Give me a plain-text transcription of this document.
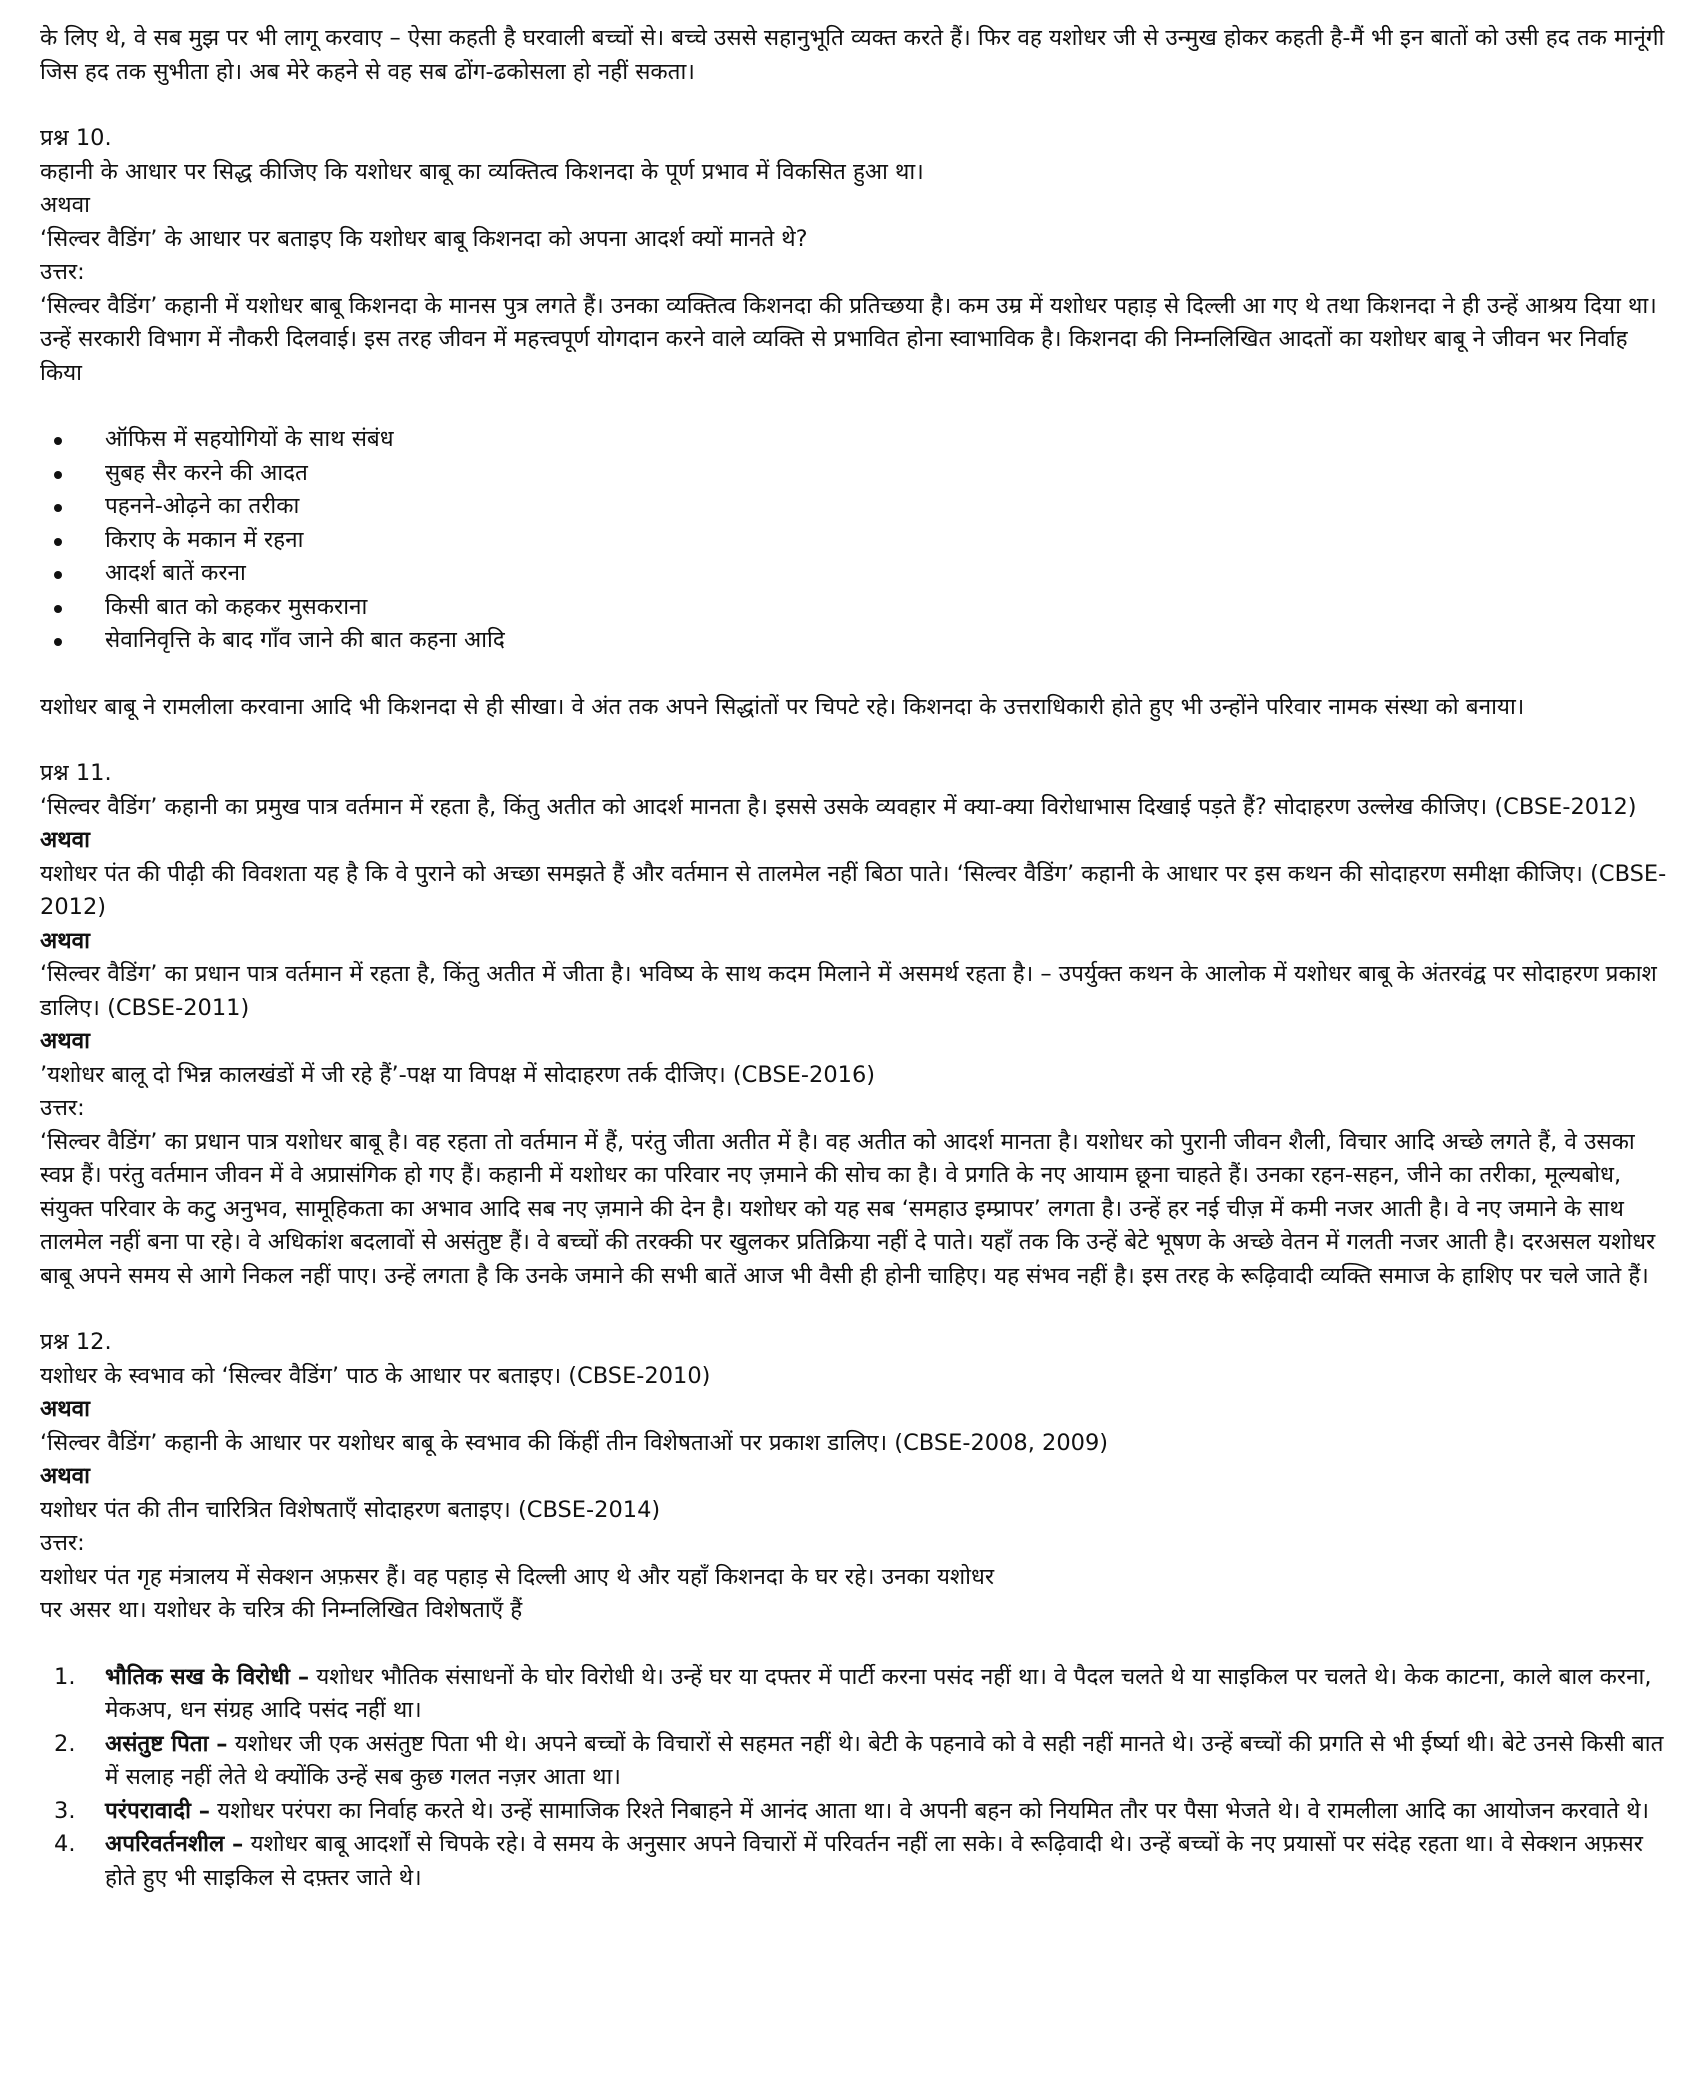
के लिए थे, वे सब मुझ पर भी लागू करवाए – ऐसा कहती है घरवाली बच्चों से। बच्चे उससे सहानुभूति व्यक्त करते हैं। फिर वह यशोधर जी से उन्मुख होकर कहती है-मैं भी इन बातों को उसी हद तक मानूंगी जिस हद तक सुभीता हो। अब मेरे कहने से वह सब ढोंग-ढकोसला हो नहीं सकता।

प्रश्न 10.

कहानी के आधार पर सिद्ध कीजिए कि यशोधर बाबू का व्यक्तित्व किशनदा के पूर्ण प्रभाव में विकसित हुआ था।

अथवा

‘सिल्वर वैडिंग’ के आधार पर बताइए कि यशोधर बाबू किशनदा को अपना आदर्श क्यों मानते थे?

उत्तर:

‘सिल्वर वैडिंग’ कहानी में यशोधर बाबू किशनदा के मानस पुत्र लगते हैं। उनका व्यक्तित्व किशनदा की प्रतिच्छया है। कम उम्र में यशोधर पहाड़ से दिल्ली आ गए थे तथा किशनदा ने ही उन्हें आश्रय दिया था। उन्हें सरकारी विभाग में नौकरी दिलवाई। इस तरह जीवन में महत्त्वपूर्ण योगदान करने वाले व्यक्ति से प्रभावित होना स्वाभाविक है। किशनदा की निम्नलिखित आदतों का यशोधर बाबू ने जीवन भर निर्वाह किया

ऑफिस में सहयोगियों के साथ संबंध
सुबह सैर करने की आदत
पहनने-ओढ़ने का तरीका
किराए के मकान में रहना
आदर्श बातें करना
किसी बात को कहकर मुसकराना
सेवानिवृत्ति के बाद गाँव जाने की बात कहना आदि

यशोधर बाबू ने रामलीला करवाना आदि भी किशनदा से ही सीखा। वे अंत तक अपने सिद्धांतों पर चिपटे रहे। किशनदा के उत्तराधिकारी होते हुए भी उन्होंने परिवार नामक संस्था को बनाया।

प्रश्न 11.

‘सिल्वर वैडिंग’ कहानी का प्रमुख पात्र वर्तमान में रहता है, किंतु अतीत को आदर्श मानता है। इससे उसके व्यवहार में क्या-क्या विरोधाभास दिखाई पड़ते हैं? सोदाहरण उल्लेख कीजिए। (CBSE-2012)

अथवा

यशोधर पंत की पीढ़ी की विवशता यह है कि वे पुराने को अच्छा समझते हैं और वर्तमान से तालमेल नहीं बिठा पाते। ‘सिल्वर वैडिंग’ कहानी के आधार पर इस कथन की सोदाहरण समीक्षा कीजिए। (CBSE-2012)

अथवा

‘सिल्वर वैडिंग’ का प्रधान पात्र वर्तमान में रहता है, किंतु अतीत में जीता है। भविष्य के साथ कदम मिलाने में असमर्थ रहता है। – उपर्युक्त कथन के आलोक में यशोधर बाबू के अंतरवंद्व पर सोदाहरण प्रकाश डालिए। (CBSE-2011)

अथवा

’यशोधर बालू दो भिन्न कालखंडों में जी रहे हैं’-पक्ष या विपक्ष में सोदाहरण तर्क दीजिए। (CBSE-2016)

उत्तर:

‘सिल्वर वैडिंग’ का प्रधान पात्र यशोधर बाबू है। वह रहता तो वर्तमान में हैं, परंतु जीता अतीत में है। वह अतीत को आदर्श मानता है। यशोधर को पुरानी जीवन शैली, विचार आदि अच्छे लगते हैं, वे उसका स्वप्न हैं। परंतु वर्तमान जीवन में वे अप्रासंगिक हो गए हैं। कहानी में यशोधर का परिवार नए ज़माने की सोच का है। वे प्रगति के नए आयाम छूना चाहते हैं। उनका रहन-सहन, जीने का तरीका, मूल्यबोध, संयुक्त परिवार के कटु अनुभव, सामूहिकता का अभाव आदि सब नए ज़माने की देन है। यशोधर को यह सब ‘समहाउ इम्प्रापर’ लगता है। उन्हें हर नई चीज़ में कमी नजर आती है। वे नए जमाने के साथ तालमेल नहीं बना पा रहे। वे अधिकांश बदलावों से असंतुष्ट हैं। वे बच्चों की तरक्की पर खुलकर प्रतिक्रिया नहीं दे पाते। यहाँ तक कि उन्हें बेटे भूषण के अच्छे वेतन में गलती नजर आती है। दरअसल यशोधर बाबू अपने समय से आगे निकल नहीं पाए। उन्हें लगता है कि उनके जमाने की सभी बातें आज भी वैसी ही होनी चाहिए। यह संभव नहीं है। इस तरह के रूढ़िवादी व्यक्ति समाज के हाशिए पर चले जाते हैं।

प्रश्न 12.

यशोधर के स्वभाव को ‘सिल्वर वैडिंग’ पाठ के आधार पर बताइए। (CBSE-2010)

अथवा

‘सिल्वर वैडिंग’ कहानी के आधार पर यशोधर बाबू के स्वभाव की किंहीं तीन विशेषताओं पर प्रकाश डालिए। (CBSE-2008, 2009)

अथवा

यशोधर पंत की तीन चारित्रित विशेषताएँ सोदाहरण बताइए। (CBSE-2014)

उत्तर:

यशोधर पंत गृह मंत्रालय में सेक्शन अफ़सर हैं। वह पहाड़ से दिल्ली आए थे और यहाँ किशनदा के घर रहे। उनका यशोधर

पर असर था। यशोधर के चरित्र की निम्नलिखित विशेषताएँ हैं

1. भौतिक सख के विरोधी – यशोधर भौतिक संसाधनों के घोर विरोधी थे। उन्हें घर या दफ्तर में पार्टी करना पसंद नहीं था। वे पैदल चलते थे या साइकिल पर चलते थे। केक काटना, काले बाल करना, मेकअप, धन संग्रह आदि पसंद नहीं था।
2. असंतुष्ट पिता – यशोधर जी एक असंतुष्ट पिता भी थे। अपने बच्चों के विचारों से सहमत नहीं थे। बेटी के पहनावे को वे सही नहीं मानते थे। उन्हें बच्चों की प्रगति से भी ईर्ष्या थी। बेटे उनसे किसी बात में सलाह नहीं लेते थे क्योंकि उन्हें सब कुछ गलत नज़र आता था।
3. परंपरावादी – यशोधर परंपरा का निर्वाह करते थे। उन्हें सामाजिक रिश्ते निबाहने में आनंद आता था। वे अपनी बहन को नियमित तौर पर पैसा भेजते थे। वे रामलीला आदि का आयोजन करवाते थे।
4. अपरिवर्तनशील – यशोधर बाबू आदर्शों से चिपके रहे। वे समय के अनुसार अपने विचारों में परिवर्तन नहीं ला सके। वे रूढ़िवादी थे। उन्हें बच्चों के नए प्रयासों पर संदेह रहता था। वे सेक्शन अफ़सर होते हुए भी साइकिल से दफ़्तर जाते थे।
